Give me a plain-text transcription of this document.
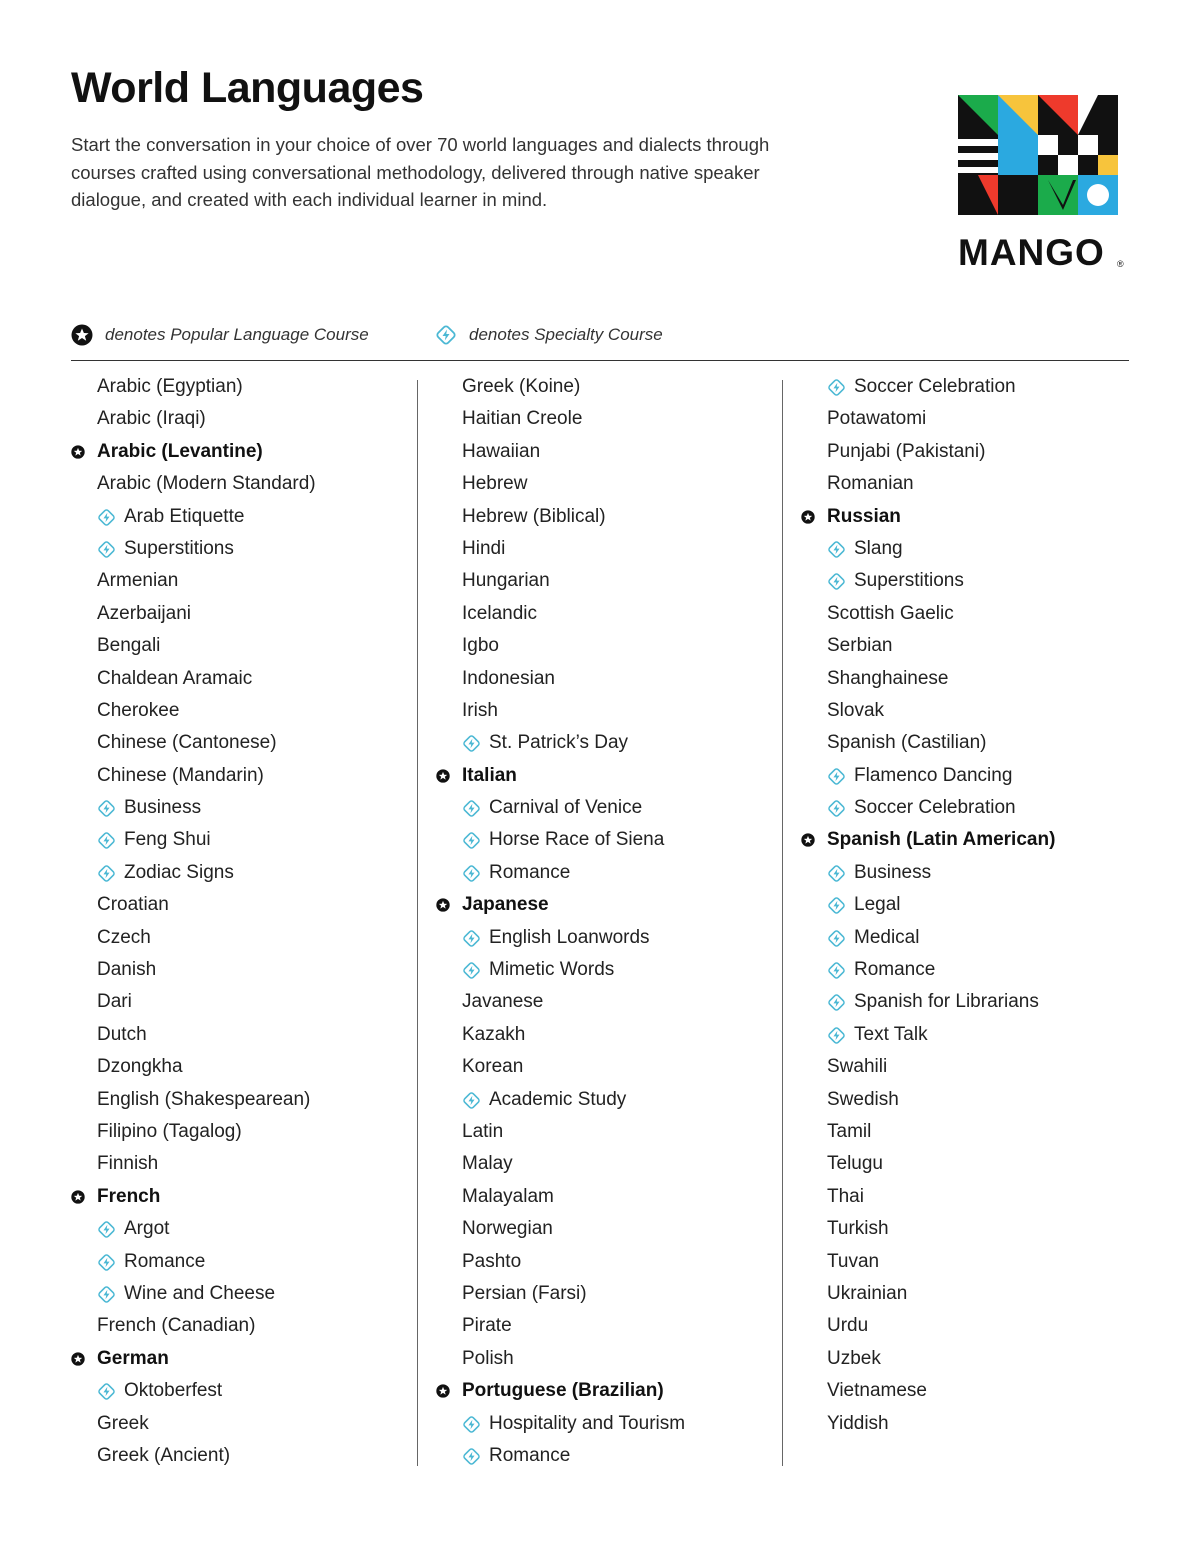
World Languages

Start the conversation in your choice of over 70 world languages and dialects through courses crafted using conversational methodology, delivered through native speaker dialogue, and created with each individual learner in mind.

MANGO ®
denotes Popular Language Course	denotes Specialty Course
Arabic (Egyptian)
Arabic (Iraqi)
Arabic (Levantine)
Arabic (Modern Standard)
Arab Etiquette
Superstitions
Armenian
Azerbaijani
Bengali
Chaldean Aramaic
Cherokee
Chinese (Cantonese)
Chinese (Mandarin)
Business
Feng Shui
Zodiac Signs
Croatian
Czech
Danish
Dari
Dutch
Dzongkha
English (Shakespearean)
Filipino (Tagalog)
Finnish
French
Argot
Romance
Wine and Cheese
French (Canadian)
German
Oktoberfest
Greek
Greek (Ancient)
Greek (Koine)
Haitian Creole
Hawaiian
Hebrew
Hebrew (Biblical)
Hindi
Hungarian
Icelandic
Igbo
Indonesian
Irish
St. Patrick’s Day
Italian
Carnival of Venice
Horse Race of Siena
Romance
Japanese
English Loanwords
Mimetic Words
Javanese
Kazakh
Korean
Academic Study
Latin
Malay
Malayalam
Norwegian
Pashto
Persian (Farsi)
Pirate
Polish
Portuguese (Brazilian)
Hospitality and Tourism
Romance
Soccer Celebration
Potawatomi
Punjabi (Pakistani)
Romanian
Russian
Slang
Superstitions
Scottish Gaelic
Serbian
Shanghainese
Slovak
Spanish (Castilian)
Flamenco Dancing
Soccer Celebration
Spanish (Latin American)
Business
Legal
Medical
Romance
Spanish for Librarians
Text Talk
Swahili
Swedish
Tamil
Telugu
Thai
Turkish
Tuvan
Ukrainian
Urdu
Uzbek
Vietnamese
Yiddish
